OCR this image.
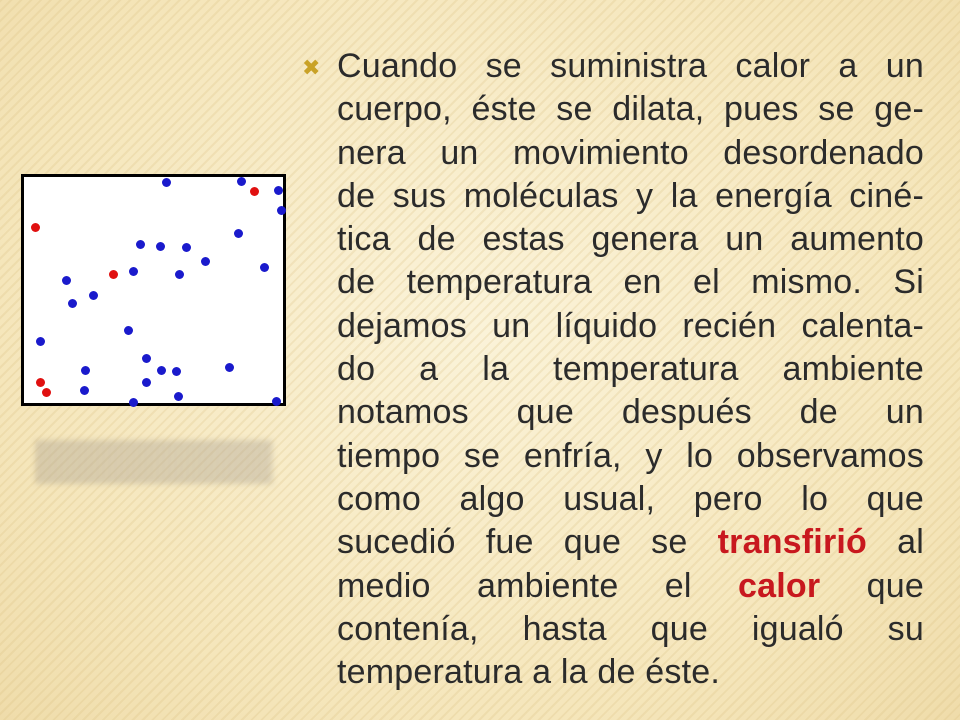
✖ Cuando se suministra calor a un
cuerpo, éste se dilata, pues se ge-
nera un movimiento desordenado
de sus moléculas y la energía ciné-
tica de estas genera un aumento
de temperatura en el mismo. Si
dejamos un líquido recién calenta-
do a la temperatura ambiente
notamos que después de un
tiempo se enfría, y lo observamos
como algo usual, pero lo que
sucedió fue que se transfirió al
medio ambiente el calor que
contenía, hasta que igualó su
temperatura a la de éste.
